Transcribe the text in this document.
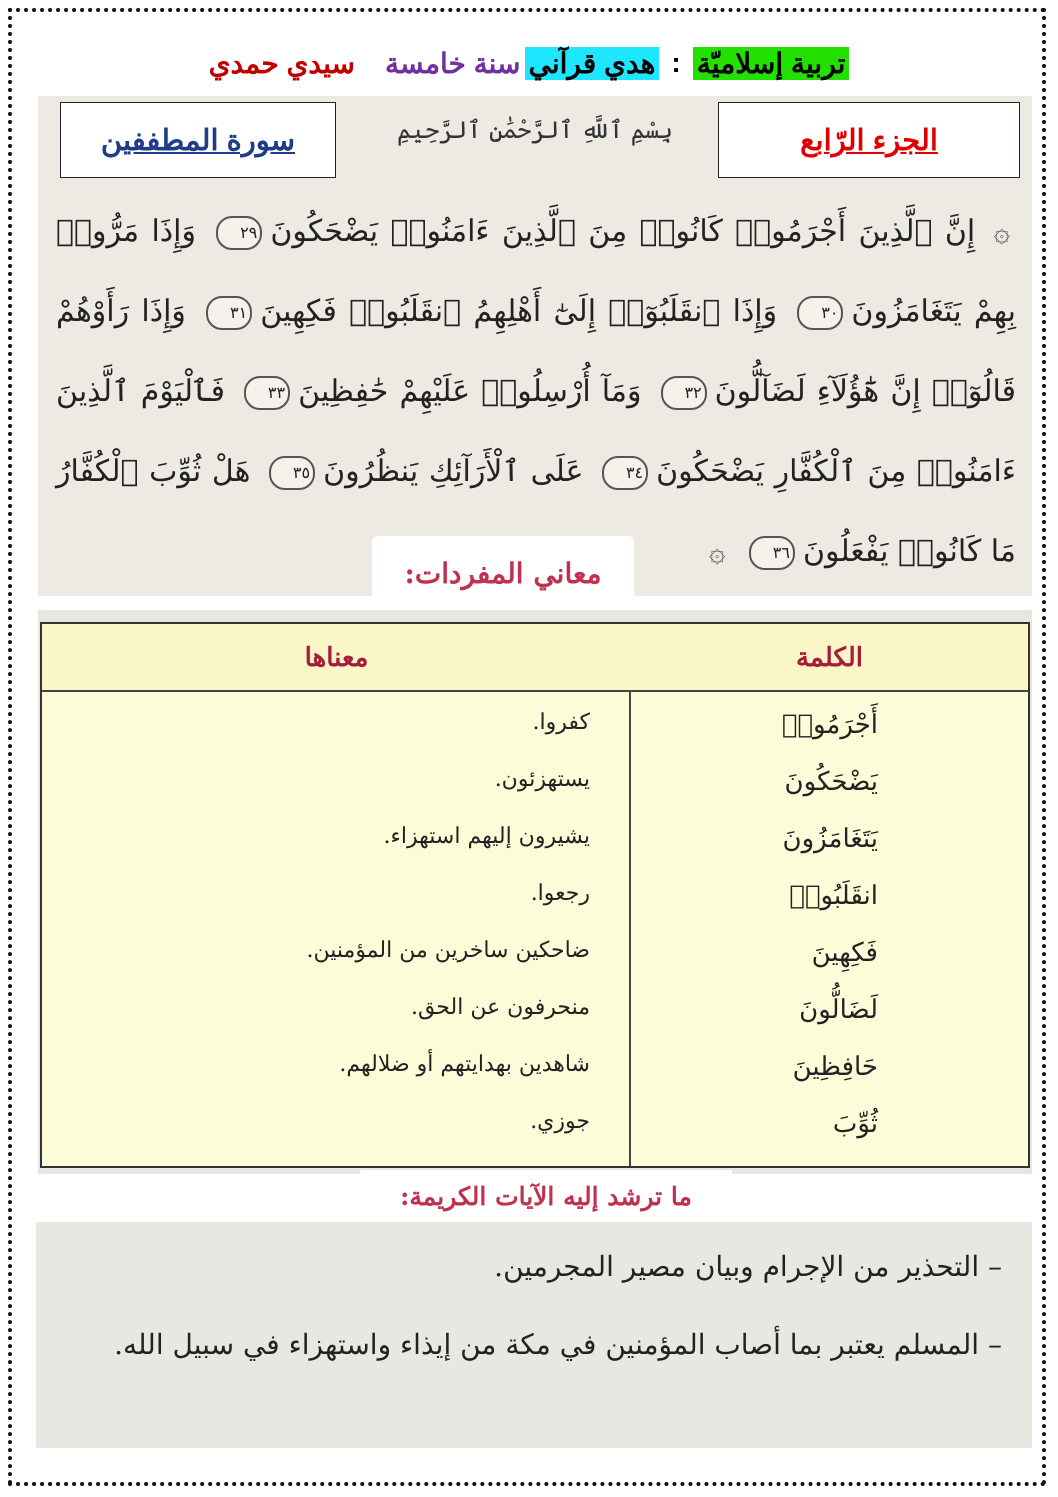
تربية إسلاميّة
:
هدي قرآني
سنة خامسة
سيدي حمدي
الجزء الرّابع
بِسْمِ ٱللَّهِ ٱلرَّحْمَٰنِ ٱلرَّحِيمِ
سورة المطففين
۞ إِنَّ ٱلَّذِينَ أَجْرَمُوا۟ كَانُوا۟ مِنَ ٱلَّذِينَ ءَامَنُوا۟ يَضْحَكُونَ٢٩ وَإِذَا مَرُّوا۟ بِهِمْ يَتَغَامَزُونَ٣٠ وَإِذَا ٱنقَلَبُوٓا۟ إِلَىٰٓ أَهْلِهِمُ ٱنقَلَبُوا۟ فَكِهِينَ٣١ وَإِذَا رَأَوْهُمْ قَالُوٓا۟ إِنَّ هَٰٓؤُلَآءِ لَضَآلُّونَ٣٢ وَمَآ أُرْسِلُوا۟ عَلَيْهِمْ حَٰفِظِينَ٣٣ فَٱلْيَوْمَ ٱلَّذِينَ ءَامَنُوا۟ مِنَ ٱلْكُفَّارِ يَضْحَكُونَ٣٤ عَلَى ٱلْأَرَآئِكِ يَنظُرُونَ٣٥ هَلْ ثُوِّبَ ٱلْكُفَّارُ مَا كَانُوا۟ يَفْعَلُونَ٣٦ ۞
معاني المفردات:
الكلمة
معناها
أَجْرَمُوا۟
كفروا.
يَضْحَكُونَ
يستهزئون.
يَتَغَامَزُونَ
يشيرون إليهم استهزاء.
انقَلَبُوا۟
رجعوا.
فَكِهِينَ
ضاحكين ساخرين من المؤمنين.
لَضَالُّونَ
منحرفون عن الحق.
حَافِظِينَ
شاهدين بهدايتهم أو ضلالهم.
ثُوِّبَ
جوزي.
ما ترشد إليه الآيات الكريمة:
– التحذير من الإجرام وبيان مصير المجرمين.
– المسلم يعتبر بما أصاب المؤمنين في مكة من إيذاء واستهزاء في سبيل الله.
